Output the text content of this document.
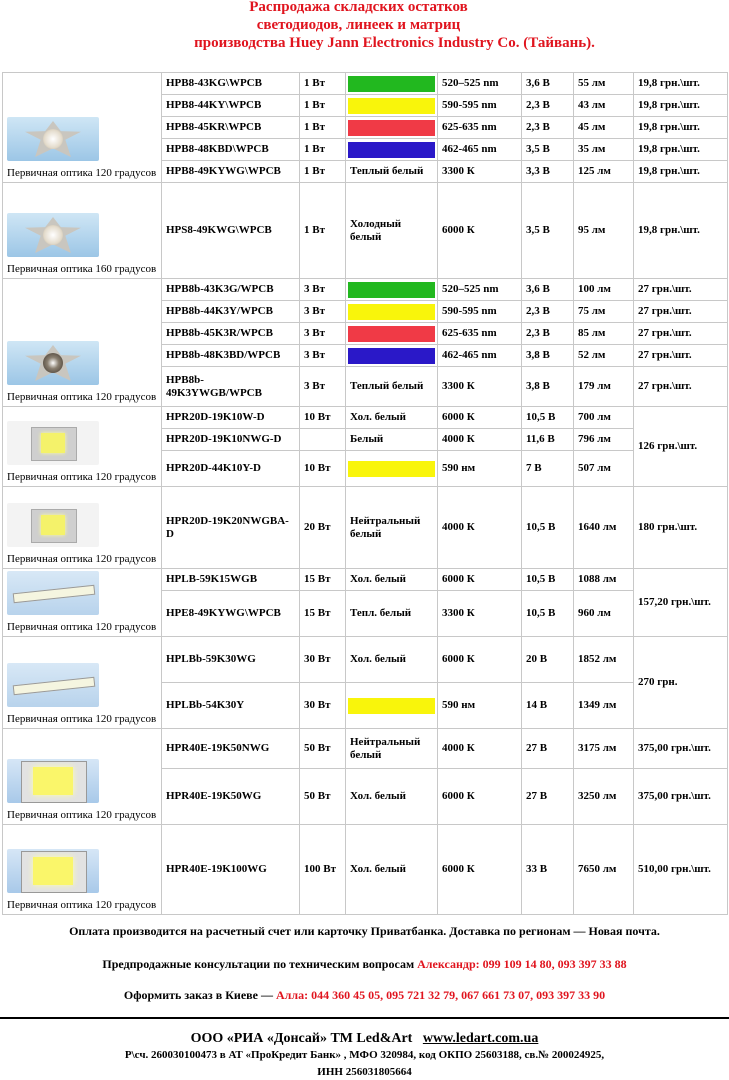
Распродажа складских остатков
светодиодов, линеек и матриц
производства Huey Jann Electronics Industry Co. (Тайвань).
Первичная оптика 120 градусов	HPB8-43KG\WPCB	1 Вт		520–525 nm	3,6 В	55 лм	19,8 грн.\шт.
	HPB8-44KY\WPCB	1 Вт		590-595 nm	2,3 В	43 лм	19,8 грн.\шт.
	HPB8-45KR\WPCB	1 Вт		625-635 nm	2,3 В	45 лм	19,8 грн.\шт.
	HPB8-48KBD\WPCB	1 Вт		462-465 nm	3,5 В	35 лм	19,8 грн.\шт.
	HPB8-49KYWG\WPCB	1 Вт	Теплый белый	3300 К	3,3 В	125 лм	19,8 грн.\шт.

Первичная оптика 160 градусов	HPS8-49KWG\WPCB	1 Вт	Холодный белый	6000 К	3,5 В	95 лм	19,8 грн.\шт.

Первичная оптика 120 градусов	HPB8b-43K3G/WPCB	3 Вт		520–525 nm	3,6 В	100 лм	27 грн.\шт.
	HPB8b-44K3Y/WPCB	3 Вт		590-595 nm	2,3 В	75 лм	27 грн.\шт.
	HPB8b-45K3R/WPCB	3 Вт		625-635 nm	2,3 В	85 лм	27 грн.\шт.
	HPB8b-48K3BD/WPCB	3 Вт		462-465 nm	3,8 В	52 лм	27 грн.\шт.
	HPB8b-49K3YWGB/WPCB	3 Вт	Теплый белый	3300 К	3,8 В	179 лм	27 грн.\шт.

Первичная оптика 120 градусов	HPR20D-19K10W-D	10 Вт	Хол. белый	6000 К	10,5 В	700 лм	126 грн.\шт.
	HPR20D-19K10NWG-D		Белый	4000 К	11,6 В	796 лм	
	HPR20D-44K10Y-D	10 Вт		590 нм	7 В	507 лм	

Первичная оптика 120 градусов	HPR20D-19K20NWGBA-D	20 Вт	Нейтральный белый	4000 К	10,5 В	1640 лм	180 грн.\шт.

Первичная оптика 120 градусов	HPLB-59K15WGB	15 Вт	Хол. белый	6000 К	10,5 В	1088 лм	157,20 грн.\шт.
	HPE8-49KYWG\WPCB	15 Вт	Тепл. белый	3300 К	10,5 В	960 лм	

Первичная оптика 120 градусов	HPLBb-59K30WG	30 Вт	Хол. белый	6000 К	20 В	1852 лм	270 грн.
	HPLBb-54K30Y	30 Вт		590 нм	14 В	1349 лм	

Первичная оптика 120 градусов	HPR40E-19K50NWG	50 Вт	Нейтральный белый	4000 К	27 В	3175 лм	375,00 грн.\шт.
	HPR40E-19K50WG	50 Вт	Хол. белый	6000 К	27 В	3250 лм	375,00 грн.\шт.

Первичная оптика 120 градусов	HPR40E-19K100WG	100 Вт	Хол. белый	6000 К	33 В	7650 лм	510,00 грн.\шт.
Оплата производится на расчетный счет или карточку Приватбанка. Доставка по регионам — Новая почта.
Предпродажные консультации по техническим вопросам Александр: 099 109 14 80, 093 397 33 88
Оформить заказ в Киеве — Алла: 044 360 45 05, 095 721 32 79, 067 661 73 07, 093 397 33 90
ООО «РИА «Донсай» ТМ Led&Art www.ledart.com.ua
Р\сч. 260030100473 в АТ «ПроКредит Банк» , МФО 320984, код ОКПО 25603188, св.№ 200024925,
ИНН 256031805664
